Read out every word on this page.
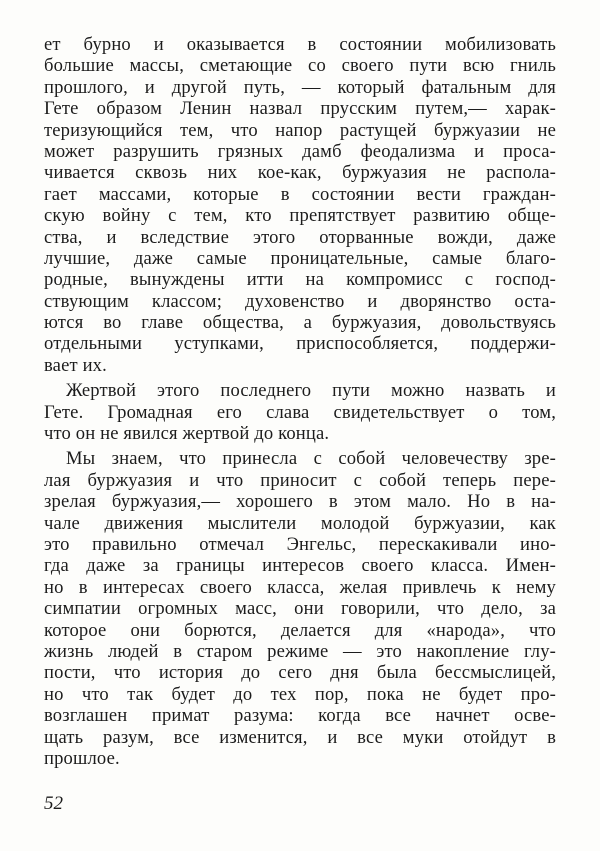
ет бурно и оказывается в состоянии мобилизовать
большие массы, сметающие со своего пути всю гниль
прошлого, и другой путь, — который фатальным для
Гете образом Ленин назвал прусским путем,— харак-
теризующийся тем, что напор растущей буржуазии не
может разрушить грязных дамб феодализма и проса-
чивается сквозь них кое-как, буржуазия не распола-
гает массами, которые в состоянии вести граждан-
скую войну с тем, кто препятствует развитию обще-
ства, и вследствие этого оторванные вожди, даже
лучшие, даже самые проницательные, самые благо-
родные, вынуждены итти на компромисс с господ-
ствующим классом; духовенство и дворянство оста-
ются во главе общества, а буржуазия, довольствуясь
отдельными уступками, приспособляется, поддержи-
вает их.
Жертвой этого последнего пути можно назвать и
Гете. Громадная его слава свидетельствует о том,
что он не явился жертвой до конца.
Мы знаем, что принесла с собой человечеству зре-
лая буржуазия и что приносит с собой теперь пере-
зрелая буржуазия,— хорошего в этом мало. Но в на-
чале движения мыслители молодой буржуазии, как
это правильно отмечал Энгельс, перескакивали ино-
гда даже за границы интересов своего класса. Имен-
но в интересах своего класса, желая привлечь к нему
симпатии огромных масс, они говорили, что дело, за
которое они борются, делается для «народа», что
жизнь людей в старом режиме — это накопление глу-
пости, что история до сего дня была бессмыслицей,
но что так будет до тех пор, пока не будет про-
возглашен примат разума: когда все начнет осве-
щать разум, все изменится, и все муки отойдут в
прошлое.
52
